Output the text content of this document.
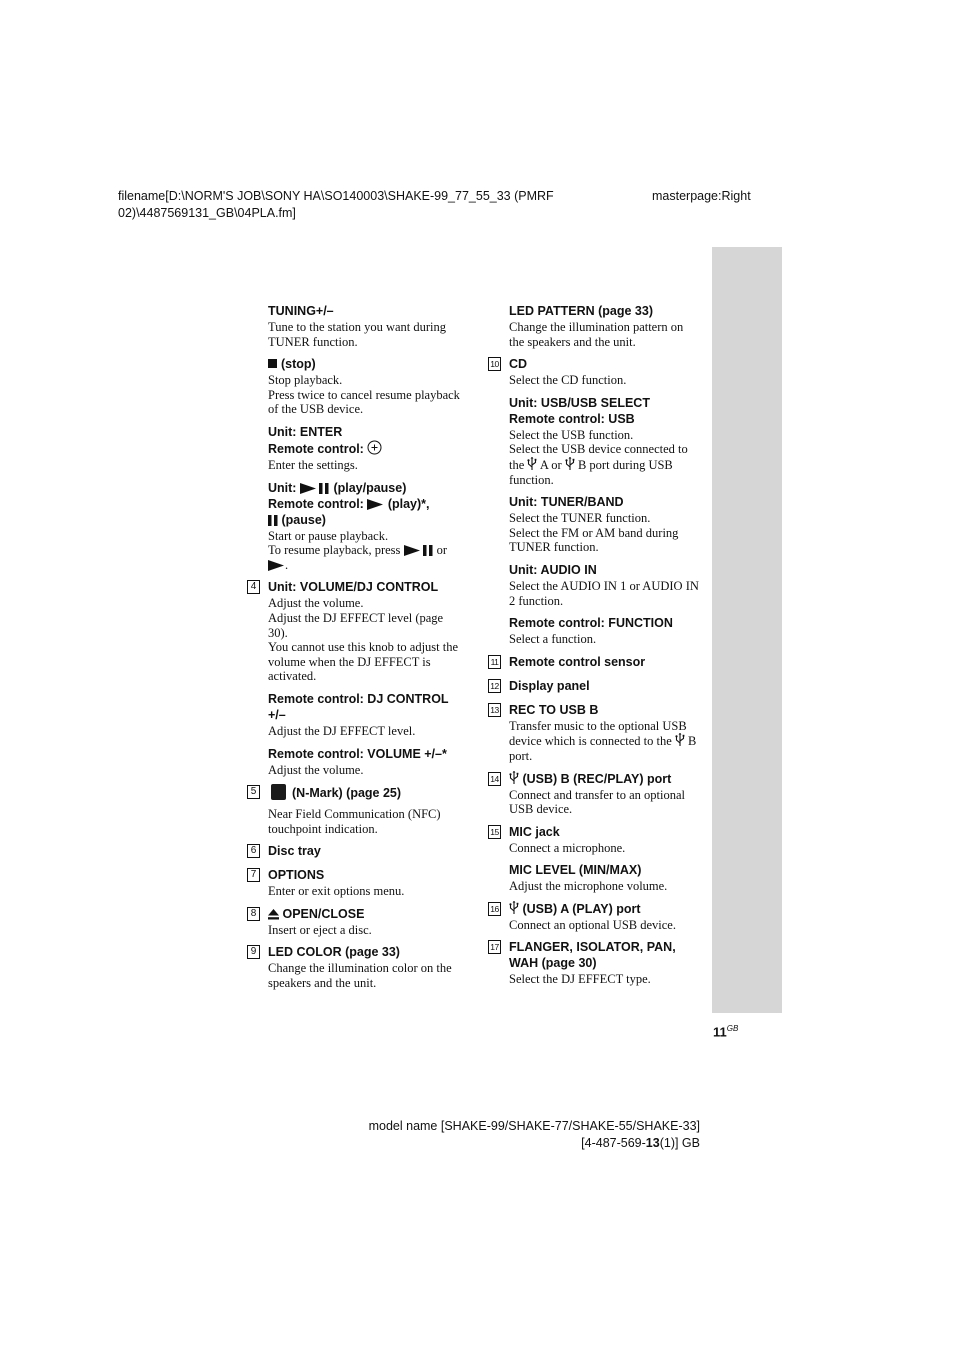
filename[D:\NORM'S JOB\SONY HA\SO140003\SHAKE-99_77_55_33 (PMRF 02)\4487569131_GB\04PLA.fm]
masterpage:Right

TUNING+/–

Tune to the station you want during TUNER function.

(stop)

Stop playback.
Press twice to cancel resume playback of the USB device.

Unit: ENTER

Remote control:

Enter the settings.

Unit:	(play/pause)

Remote control: (play)*,

(pause)

Start or pause playback.
To resume playback, press	or
.

4 Unit: VOLUME/DJ CONTROL

Adjust the volume.
Adjust the DJ EFFECT level (page 30).
You cannot use this knob to adjust the volume when the DJ EFFECT is activated.

Remote control: DJ CONTROL +/–

Adjust the DJ EFFECT level.

Remote control: VOLUME +/–*

Adjust the volume.

5	(N-Mark) (page 25)

Near Field Communication (NFC) touchpoint indication.

6 Disc tray

7 OPTIONS

Enter or exit options menu.

8 OPEN/CLOSE

Insert or eject a disc.

9 LED COLOR (page 33)

Change the illumination color on the speakers and the unit.

LED PATTERN (page 33)

Change the illumination pattern on the speakers and the unit.

10 CD

Select the CD function.

Unit: USB/USB SELECT

Remote control: USB

Select the USB function.
Select the USB device connected to the A or B port during USB function.

Unit: TUNER/BAND

Select the TUNER function.
Select the FM or AM band during TUNER function.

Unit: AUDIO IN

Select the AUDIO IN 1 or AUDIO IN 2 function.

Remote control: FUNCTION

Select a function.

11 Remote control sensor

12 Display panel

13 REC TO USB B

Transfer music to the optional USB device which is connected to the B port.

14 (USB) B (REC/PLAY) port

Connect and transfer to an optional USB device.

15 MIC jack

Connect a microphone.

MIC LEVEL (MIN/MAX)

Adjust the microphone volume.

16 (USB) A (PLAY) port

Connect an optional USB device.

17 FLANGER, ISOLATOR, PAN, WAH (page 30)

Select the DJ EFFECT type.

$11^{GB}$
model name [SHAKE-99/SHAKE-77/SHAKE-55/SHAKE-33]
[4-487-569-13(1)] GB
